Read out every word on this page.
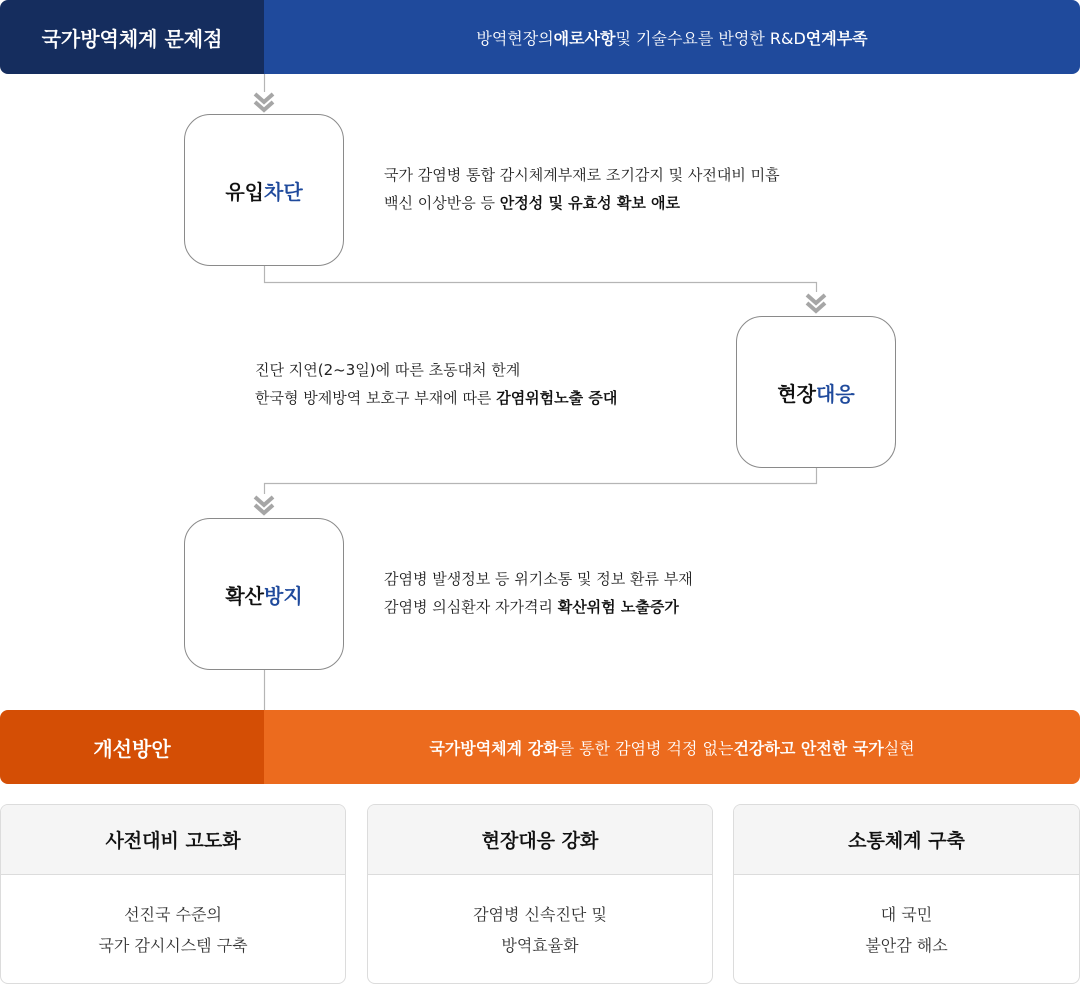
국가방역체계 문제점	방역현장의 애로사항 및 기술수요를 반영한 R&D 연계부족
유입 차단
국가 감염병 통합 감시체계부재로 조기감지 및 사전대비 미흡
백신 이상반응 등 안정성 및 유효성 확보 애로
현장 대응
진단 지연(2~3일)에 따른 초동대처 한계
한국형 방제방역 보호구 부재에 따른 감염위험노출 증대
확산 방지
감염병 발생정보 등 위기소통 및 정보 환류 부재
감염병 의심환자 자가격리 확산위험 노출증가
개선방안	국가방역체계 강화 를 통한 감염병 걱정 없는 건강하고 안전한 국가 실현
사전대비 고도화
선진국 수준의
국가 감시시스템 구축
현장대응 강화
감염병 신속진단 및
방역효율화
소통체계 구축
대 국민
불안감 해소
